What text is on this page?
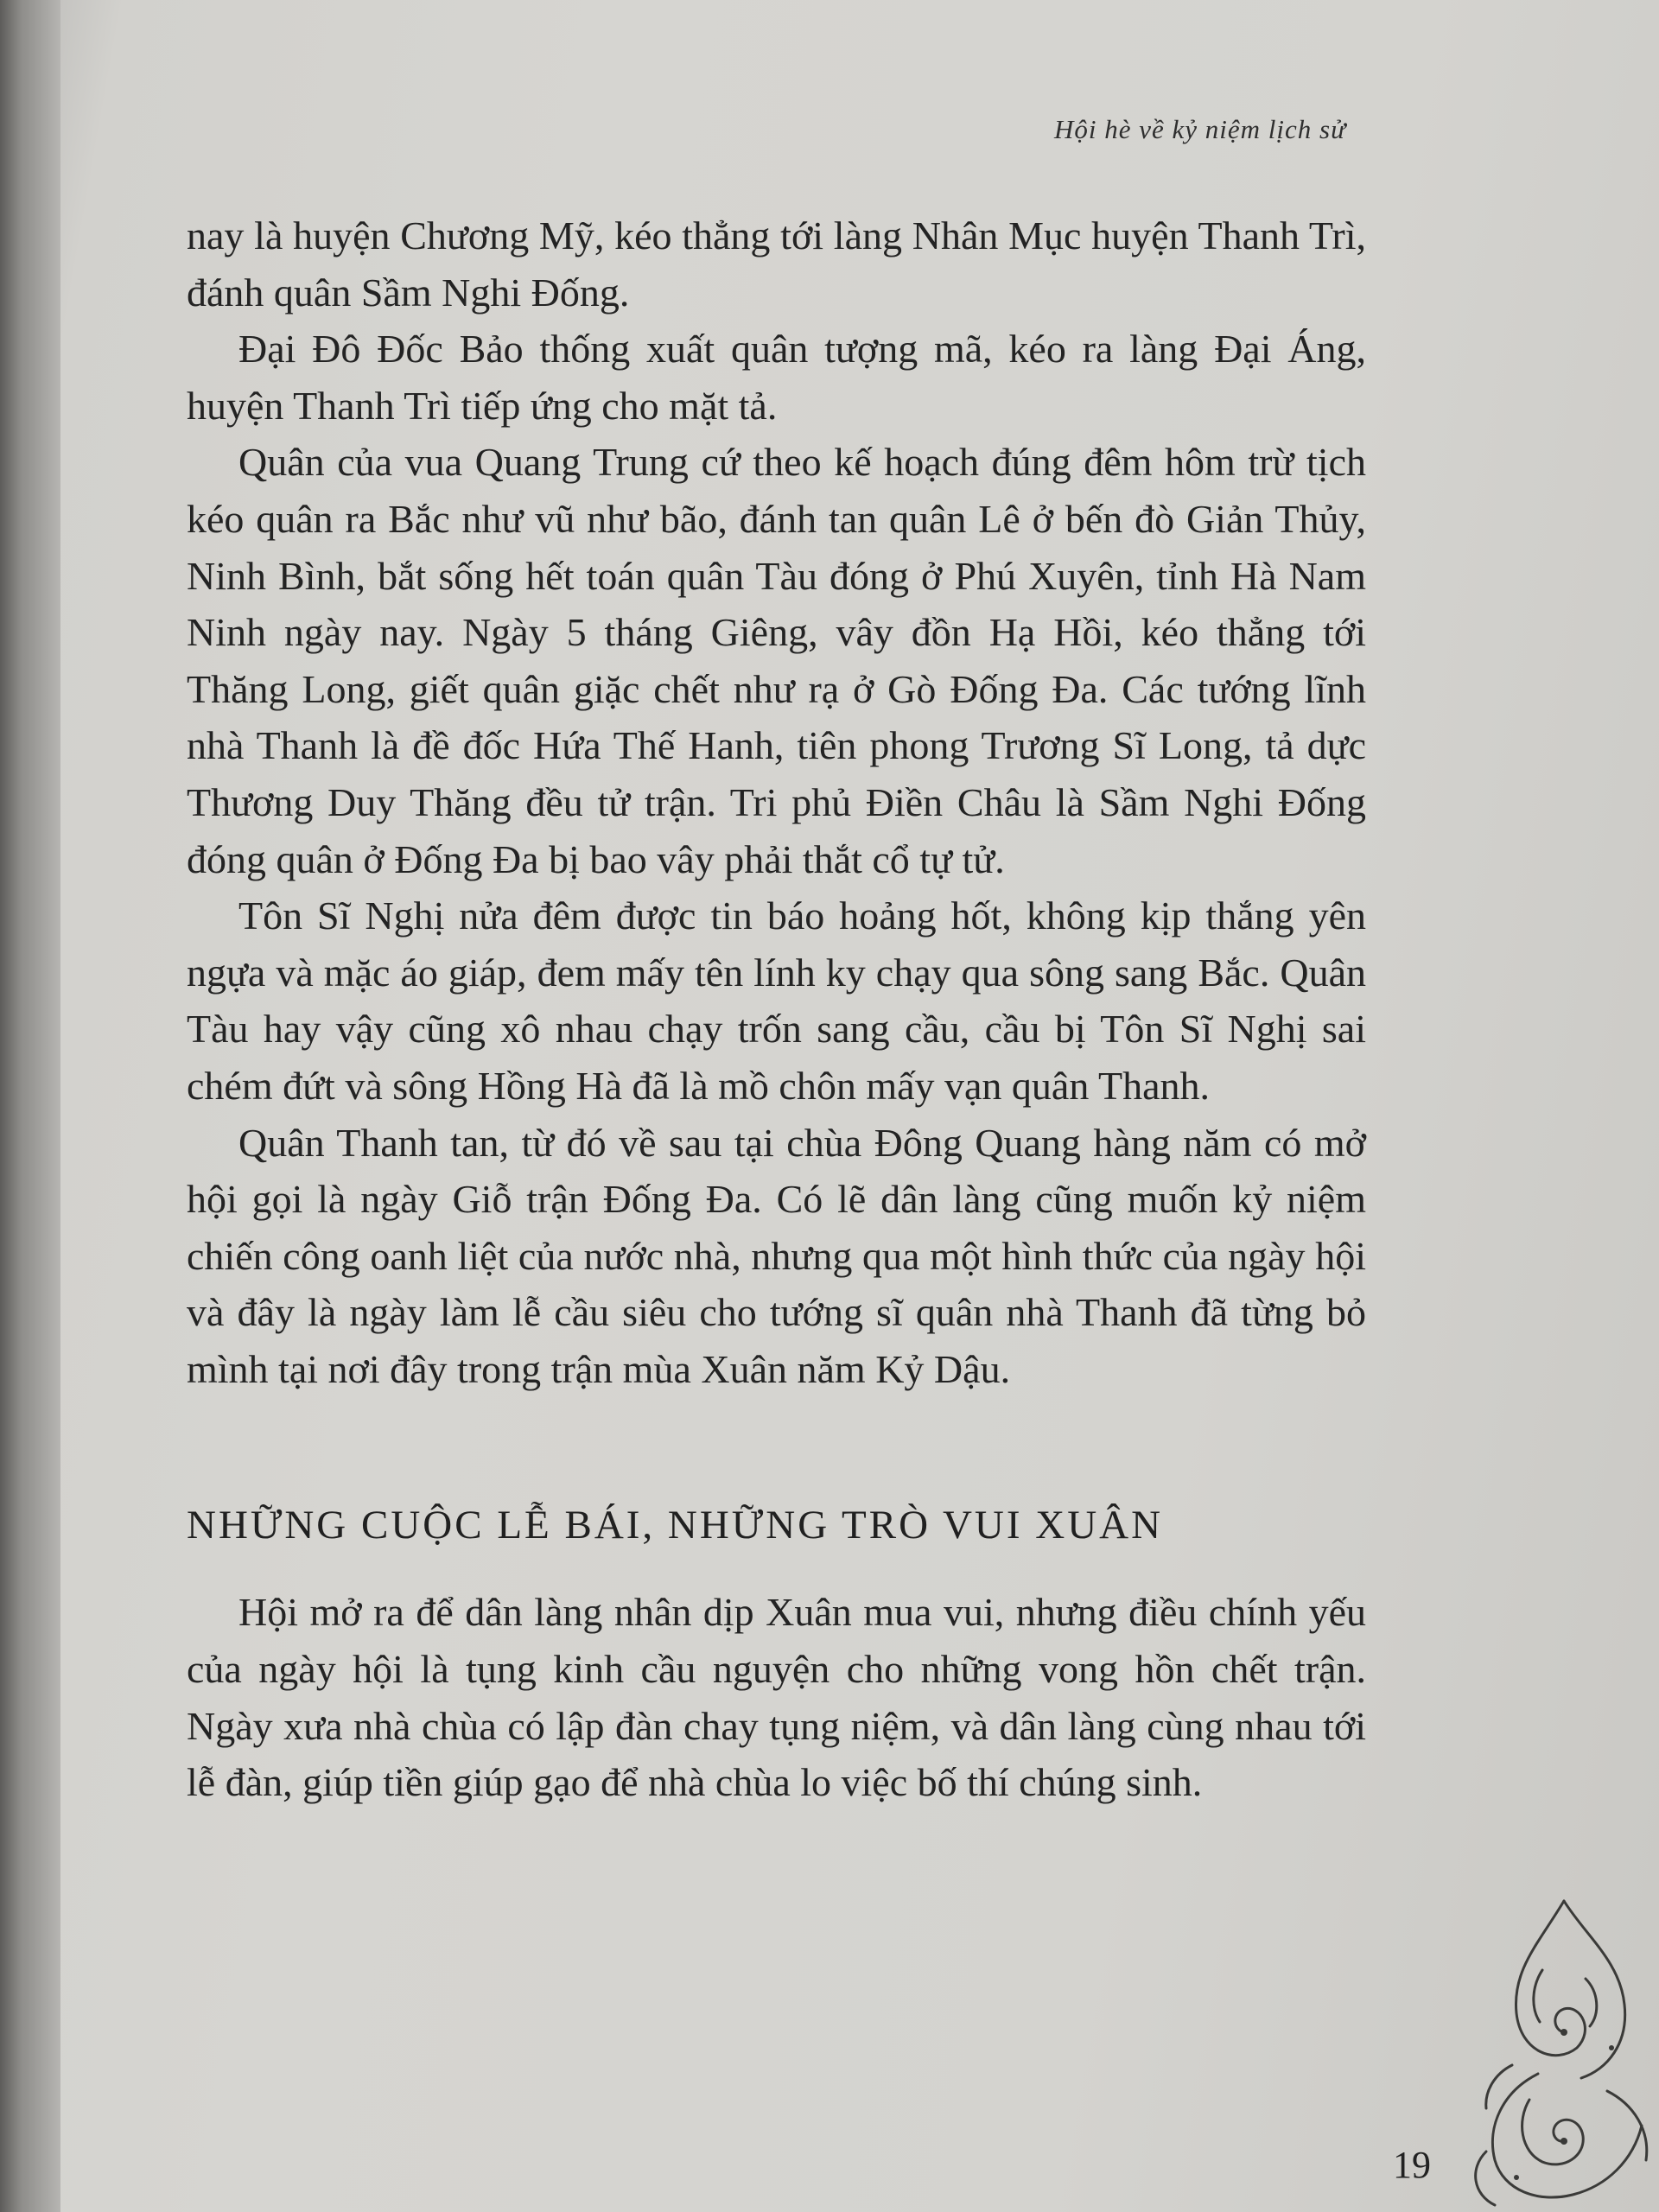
Hội hè về kỷ niệm lịch sử

nay là huyện Chương Mỹ, kéo thẳng tới làng Nhân Mục huyện Thanh Trì, đánh quân Sầm Nghi Đống.

Đại Đô Đốc Bảo thống xuất quân tượng mã, kéo ra làng Đại Áng, huyện Thanh Trì tiếp ứng cho mặt tả.

Quân của vua Quang Trung cứ theo kế hoạch đúng đêm hôm trừ tịch kéo quân ra Bắc như vũ như bão, đánh tan quân Lê ở bến đò Giản Thủy, Ninh Bình, bắt sống hết toán quân Tàu đóng ở Phú Xuyên, tỉnh Hà Nam Ninh ngày nay. Ngày 5 tháng Giêng, vây đồn Hạ Hồi, kéo thẳng tới Thăng Long, giết quân giặc chết như rạ ở Gò Đống Đa. Các tướng lĩnh nhà Thanh là đề đốc Hứa Thế Hanh, tiên phong Trương Sĩ Long, tả dực Thương Duy Thăng đều tử trận. Tri phủ Điền Châu là Sầm Nghi Đống đóng quân ở Đống Đa bị bao vây phải thắt cổ tự tử.

Tôn Sĩ Nghị nửa đêm được tin báo hoảng hốt, không kịp thắng yên ngựa và mặc áo giáp, đem mấy tên lính ky chạy qua sông sang Bắc. Quân Tàu hay vậy cũng xô nhau chạy trốn sang cầu, cầu bị Tôn Sĩ Nghị sai chém đứt và sông Hồng Hà đã là mồ chôn mấy vạn quân Thanh.

Quân Thanh tan, từ đó về sau tại chùa Đông Quang hàng năm có mở hội gọi là ngày Giỗ trận Đống Đa. Có lẽ dân làng cũng muốn kỷ niệm chiến công oanh liệt của nước nhà, nhưng qua một hình thức của ngày hội và đây là ngày làm lễ cầu siêu cho tướng sĩ quân nhà Thanh đã từng bỏ mình tại nơi đây trong trận mùa Xuân năm Kỷ Dậu.

NHỮNG CUỘC LỄ BÁI, NHỮNG TRÒ VUI XUÂN

Hội mở ra để dân làng nhân dịp Xuân mua vui, nhưng điều chính yếu của ngày hội là tụng kinh cầu nguyện cho những vong hồn chết trận. Ngày xưa nhà chùa có lập đàn chay tụng niệm, và dân làng cùng nhau tới lễ đàn, giúp tiền giúp gạo để nhà chùa lo việc bố thí chúng sinh.

19
